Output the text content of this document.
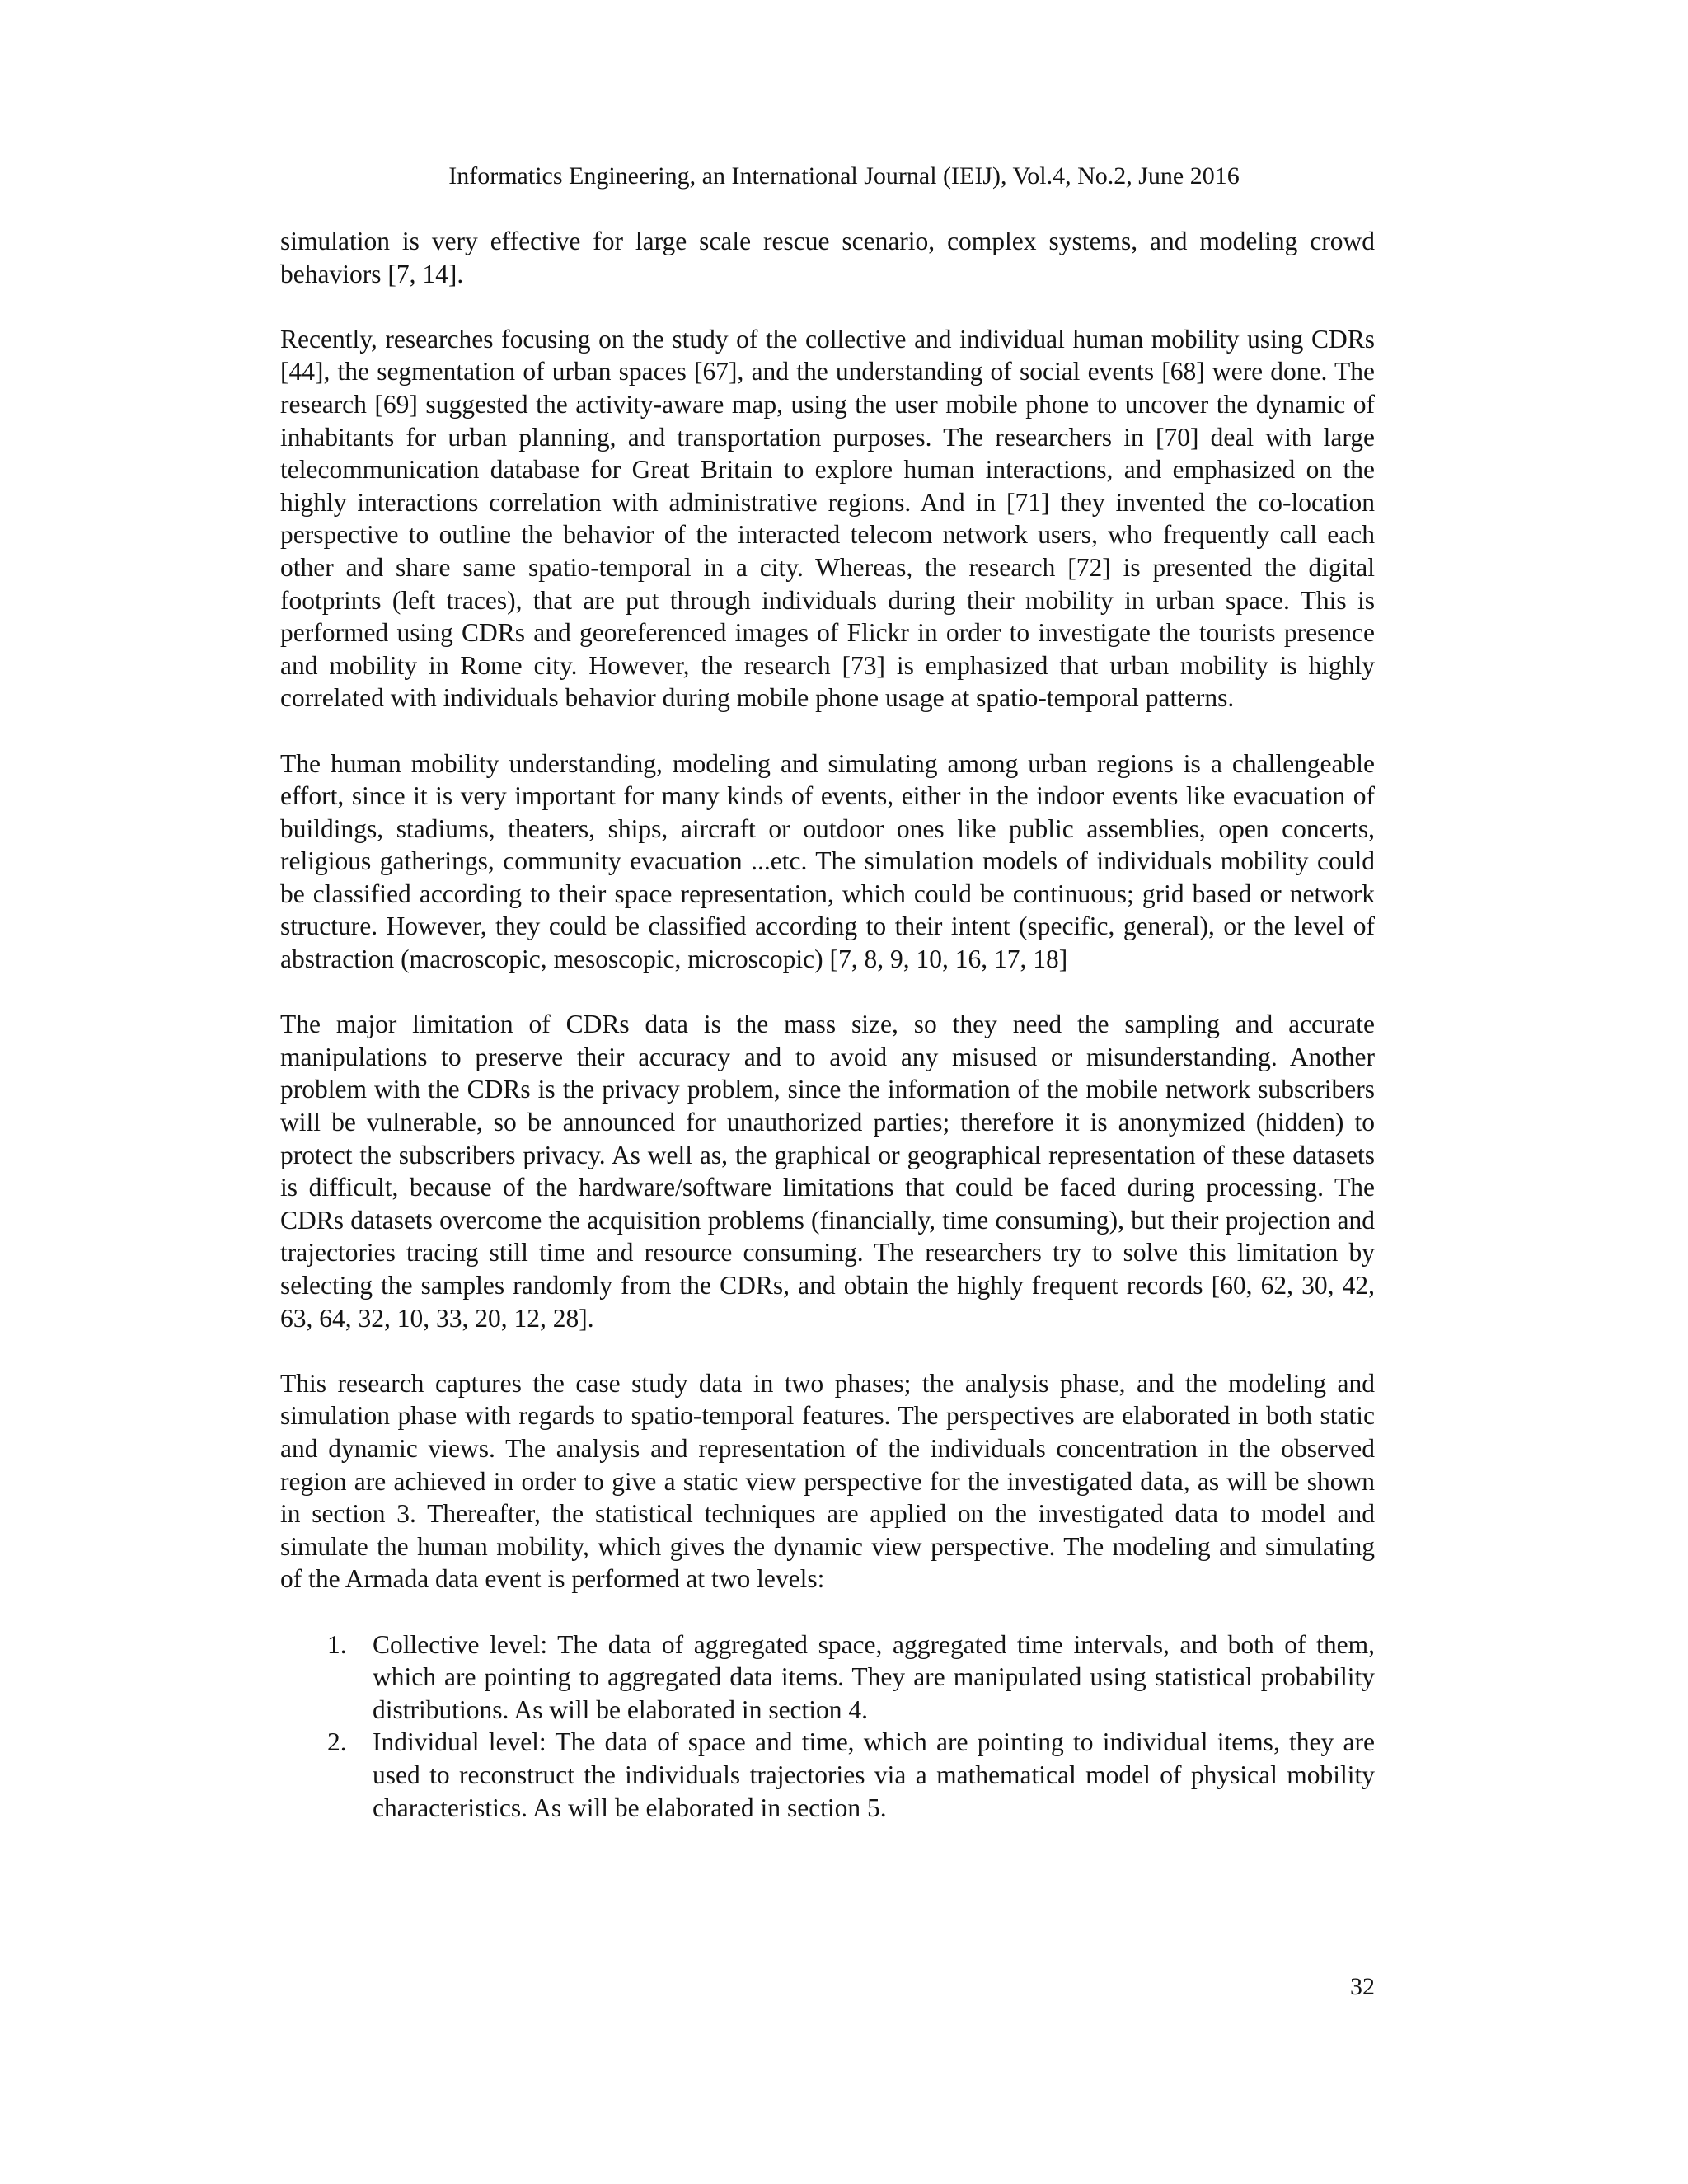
Informatics Engineering, an International Journal (IEIJ), Vol.4, No.2, June 2016

simulation is very effective for large scale rescue scenario, complex systems, and modeling crowd behaviors [7, 14].

Recently, researches focusing on the study of the collective and individual human mobility using CDRs [44], the segmentation of urban spaces [67], and the understanding of social events [68] were done. The research [69] suggested the activity-aware map, using the user mobile phone to uncover the dynamic of inhabitants for urban planning, and transportation purposes. The researchers in [70] deal with large telecommunication database for Great Britain to explore human interactions, and emphasized on the highly interactions correlation with administrative regions. And in [71] they invented the co-location perspective to outline the behavior of the interacted telecom network users, who frequently call each other and share same spatio-temporal in a city. Whereas, the research [72] is presented the digital footprints (left traces), that are put through individuals during their mobility in urban space. This is performed using CDRs and georeferenced images of Flickr in order to investigate the tourists presence and mobility in Rome city. However, the research [73] is emphasized that urban mobility is highly correlated with individuals behavior during mobile phone usage at spatio-temporal patterns.

The human mobility understanding, modeling and simulating among urban regions is a challengeable effort, since it is very important for many kinds of events, either in the indoor events like evacuation of buildings, stadiums, theaters, ships, aircraft or outdoor ones like public assemblies, open concerts, religious gatherings, community evacuation ...etc. The simulation models of individuals mobility could be classified according to their space representation, which could be continuous; grid based or network structure. However, they could be classified according to their intent (specific, general), or the level of abstraction (macroscopic, mesoscopic, microscopic) [7, 8, 9, 10, 16, 17, 18]

The major limitation of CDRs data is the mass size, so they need the sampling and accurate manipulations to preserve their accuracy and to avoid any misused or misunderstanding. Another problem with the CDRs is the privacy problem, since the information of the mobile network subscribers will be vulnerable, so be announced for unauthorized parties; therefore it is anonymized (hidden) to protect the subscribers privacy. As well as, the graphical or geographical representation of these datasets is difficult, because of the hardware/software limitations that could be faced during processing. The CDRs datasets overcome the acquisition problems (financially, time consuming), but their projection and trajectories tracing still time and resource consuming. The researchers try to solve this limitation by selecting the samples randomly from the CDRs, and obtain the highly frequent records [60, 62, 30, 42, 63, 64, 32, 10, 33, 20, 12, 28].

This research captures the case study data in two phases; the analysis phase, and the modeling and simulation phase with regards to spatio-temporal features. The perspectives are elaborated in both static and dynamic views. The analysis and representation of the individuals concentration in the observed region are achieved in order to give a static view perspective for the investigated data, as will be shown in section 3. Thereafter, the statistical techniques are applied on the investigated data to model and simulate the human mobility, which gives the dynamic view perspective. The modeling and simulating of the Armada data event is performed at two levels:

1. Collective level: The data of aggregated space, aggregated time intervals, and both of them, which are pointing to aggregated data items. They are manipulated using statistical probability distributions. As will be elaborated in section 4.
2. Individual level: The data of space and time, which are pointing to individual items, they are used to reconstruct the individuals trajectories via a mathematical model of physical mobility characteristics. As will be elaborated in section 5.
32
